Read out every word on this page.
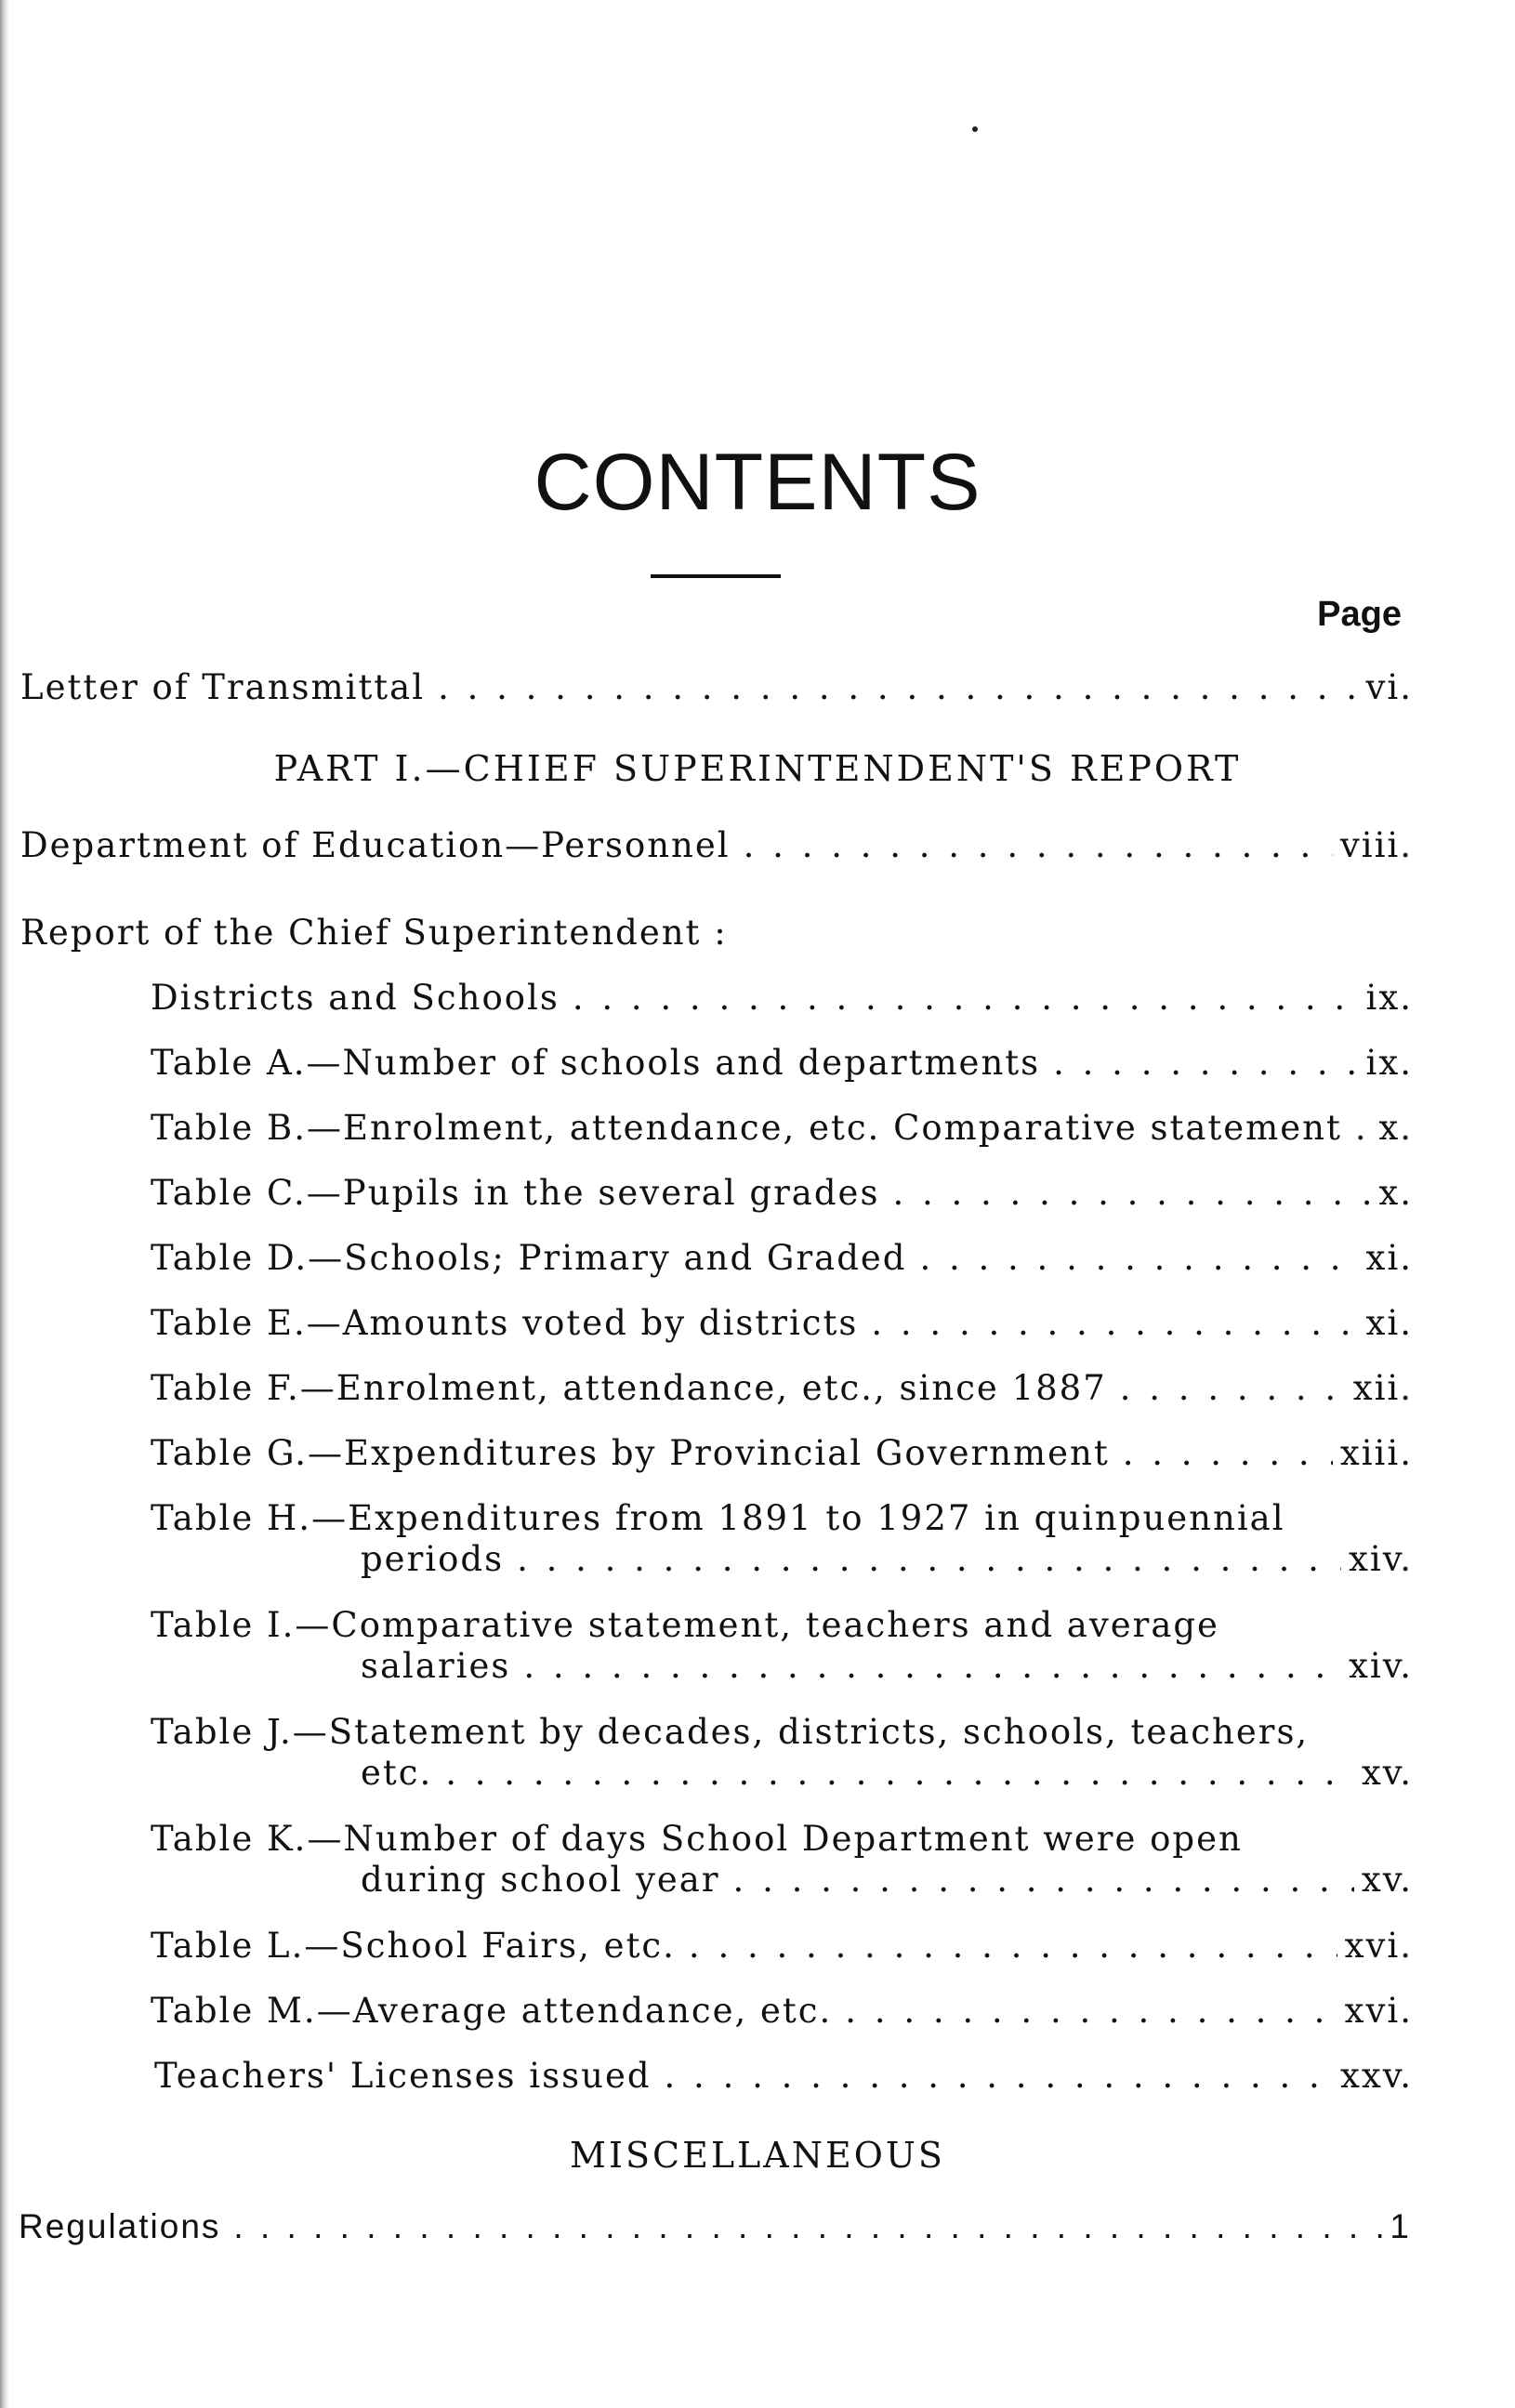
CONTENTS
Page
Letter of Transmittal . . .	vi.
PART I.—CHIEF SUPERINTENDENT'S REPORT
Department of Education—Personnel . . .	viii.
Report of the Chief Superintendent :
Districts and Schools . . .	ix.
Table A.—Number of schools and departments . . .	ix.
Table B.—Enrolment, attendance, etc. Comparative statement . . . x.
Table C.—Pupils in the several grades . . .	x.
Table D.—Schools; Primary and Graded . . .	xi.
Table E.—Amounts voted by districts . . .	xi.
Table F.—Enrolment, attendance, etc., since 1887 . . .	xii.
Table G.—Expenditures by Provincial Government . . .	xiii.
Table H.—Expenditures from 1891 to 1927 in quinpuennial
periods . . .	xiv.
Table I.—Comparative statement, teachers and average
salaries . . .	xiv.
Table J.—Statement by decades, districts, schools, teachers,
etc. . . .	xv.
Table K.—Number of days School Department were open
during school year . . .	xv.
Table L.—School Fairs, etc. . . .	xvi.
Table M.—Average attendance, etc. . . .	xvi.
Teachers' Licenses issued . . .	xxv.
MISCELLANEOUS
Regulations . . .	1
